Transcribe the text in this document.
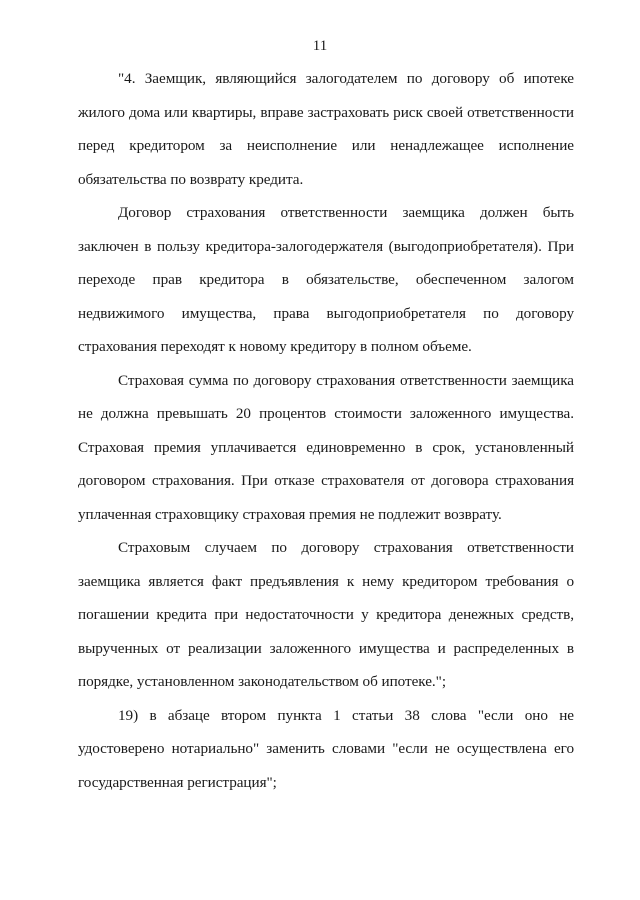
11

"4. Заемщик, являющийся залогодателем по договору об ипотеке жилого дома или квартиры, вправе застраховать риск своей ответственности перед кредитором за неисполнение или ненадлежащее исполнение обязательства по возврату кредита.

Договор страхования ответственности заемщика должен быть заключен в пользу кредитора-залогодержателя (выгодоприобретателя). При переходе прав кредитора в обязательстве, обеспеченном залогом недвижимого имущества, права выгодоприобретателя по договору страхования переходят к новому кредитору в полном объеме.

Страховая сумма по договору страхования ответственности заемщика не должна превышать 20 процентов стоимости заложенного имущества. Страховая премия уплачивается единовременно в срок, установленный договором страхования. При отказе страхователя от договора страхования уплаченная страховщику страховая премия не подлежит возврату.

Страховым случаем по договору страхования ответственности заемщика является факт предъявления к нему кредитором требования о погашении кредита при недостаточности у кредитора денежных средств, вырученных от реализации заложенного имущества и распределенных в порядке, установленном законодательством об ипотеке.";

19) в абзаце втором пункта 1 статьи 38 слова "если оно не удостоверено нотариально" заменить словами "если не осуществлена его государственная регистрация";
